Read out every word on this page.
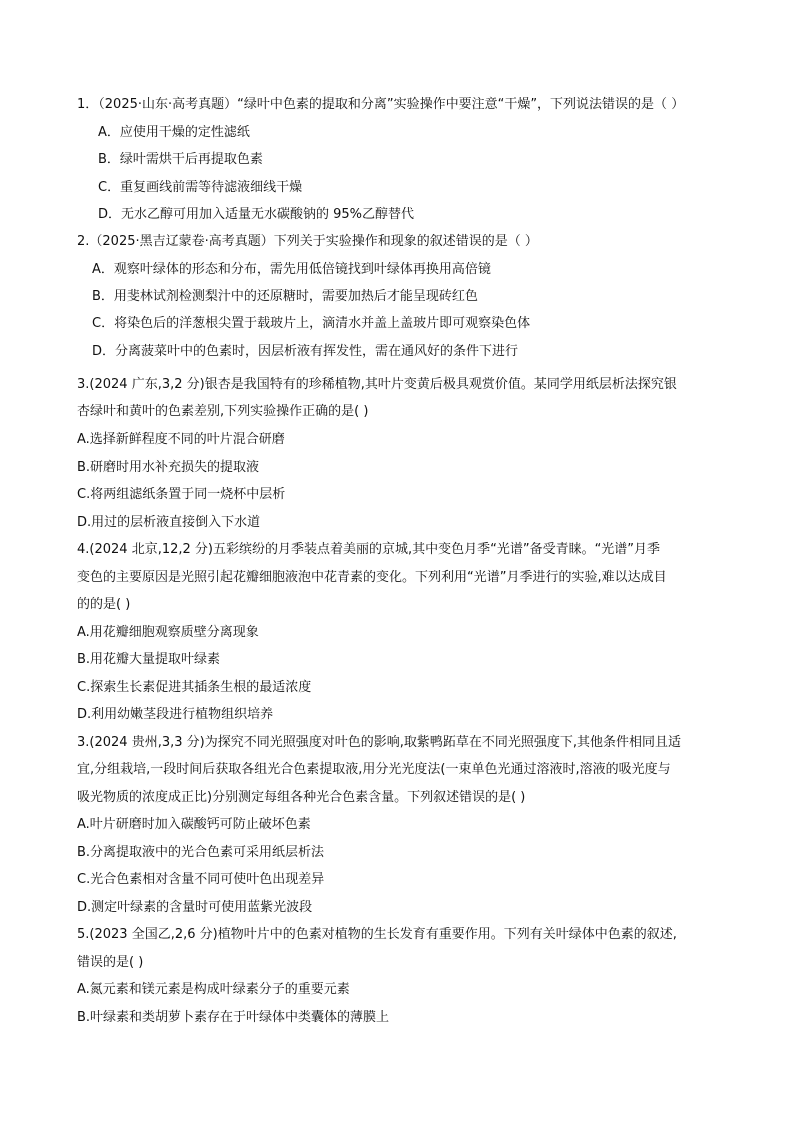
1．（2025·山东·高考真题）“绿叶中色素的提取和分离”实验操作中要注意“干燥”，下列说法错误的是（ ）
A．应使用干燥的定性滤纸
B．绿叶需烘干后再提取色素
C．重复画线前需等待滤液细线干燥
D．无水乙醇可用加入适量无水碳酸钠的 95%乙醇替代
2.（2025·黑吉辽蒙卷·高考真题）下列关于实验操作和现象的叙述错误的是（ ）
A．观察叶绿体的形态和分布，需先用低倍镜找到叶绿体再换用高倍镜
B．用斐林试剂检测梨汁中的还原糖时，需要加热后才能呈现砖红色
C．将染色后的洋葱根尖置于载玻片上，滴清水并盖上盖玻片即可观察染色体
D．分离菠菜叶中的色素时，因层析液有挥发性，需在通风好的条件下进行
3.(2024 广东,3,2 分)银杏是我国特有的珍稀植物,其叶片变黄后极具观赏价值。某同学用纸层析法探究银
杏绿叶和黄叶的色素差别,下列实验操作正确的是( )
A.选择新鲜程度不同的叶片混合研磨
B.研磨时用水补充损失的提取液
C.将两组滤纸条置于同一烧杯中层析
D.用过的层析液直接倒入下水道
4.(2024 北京,12,2 分)五彩缤纷的月季装点着美丽的京城,其中变色月季“光谱”备受青睐。“光谱”月季
变色的主要原因是光照引起花瓣细胞液泡中花青素的变化。下列利用“光谱”月季进行的实验,难以达成目
的的是( )
A.用花瓣细胞观察质壁分离现象
B.用花瓣大量提取叶绿素
C.探索生长素促进其插条生根的最适浓度
D.利用幼嫩茎段进行植物组织培养
3.(2024 贵州,3,3 分)为探究不同光照强度对叶色的影响,取紫鸭跖草在不同光照强度下,其他条件相同且适
宜,分组栽培,一段时间后获取各组光合色素提取液,用分光光度法(一束单色光通过溶液时,溶液的吸光度与
吸光物质的浓度成正比)分别测定每组各种光合色素含量。下列叙述错误的是( )
A.叶片研磨时加入碳酸钙可防止破坏色素
B.分离提取液中的光合色素可采用纸层析法
C.光合色素相对含量不同可使叶色出现差异
D.测定叶绿素的含量时可使用蓝紫光波段
5.(2023 全国乙,2,6 分)植物叶片中的色素对植物的生长发育有重要作用。下列有关叶绿体中色素的叙述,
错误的是( )
A.氮元素和镁元素是构成叶绿素分子的重要元素
B.叶绿素和类胡萝卜素存在于叶绿体中类囊体的薄膜上
